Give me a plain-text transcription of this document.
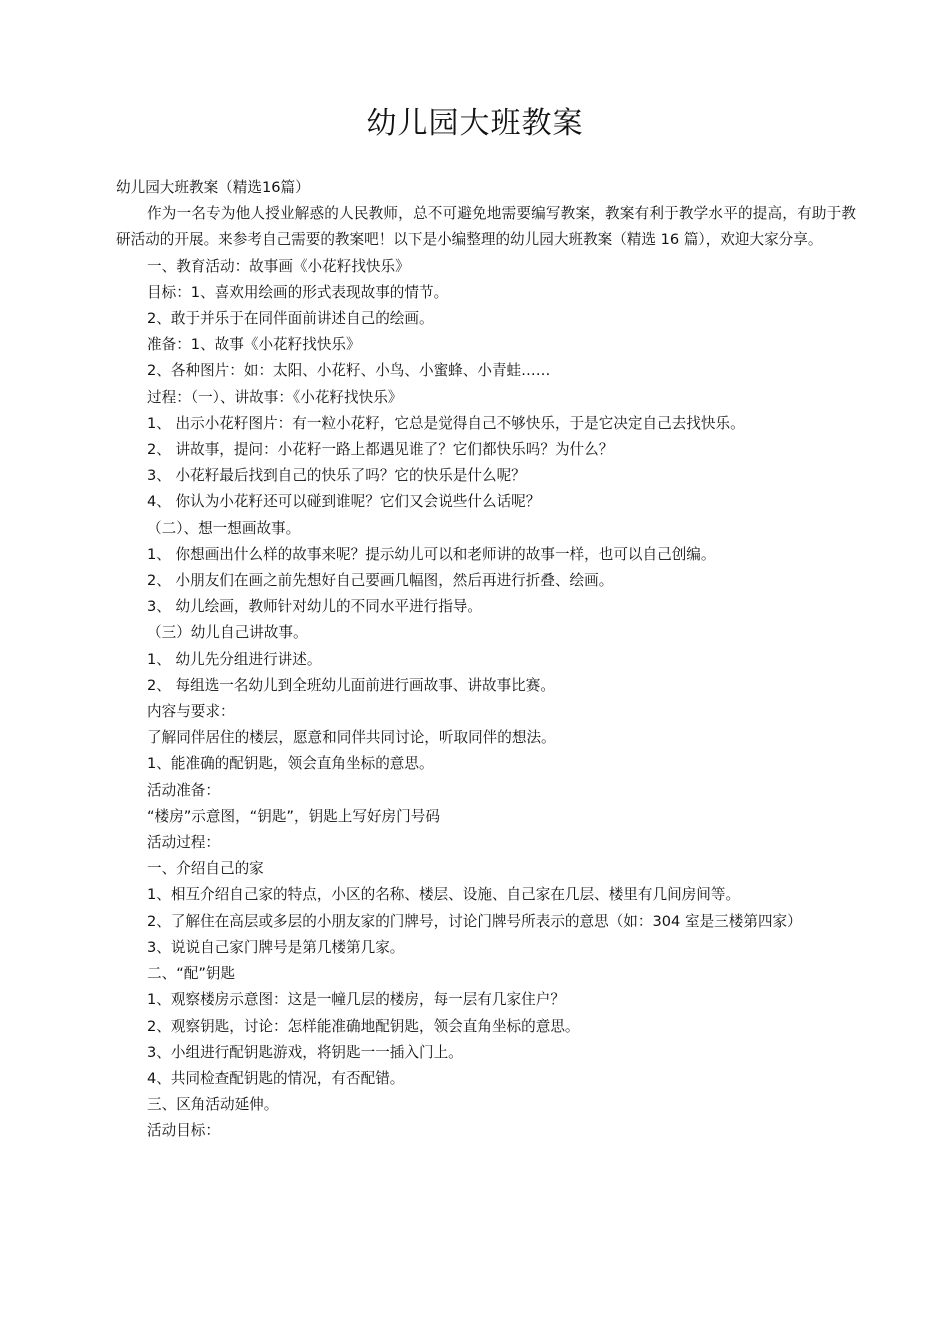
幼儿园大班教案

幼儿园大班教案（精选16篇）

作为一名专为他人授业解惑的人民教师，总不可避免地需要编写教案，教案有利于教学水平的提高，有助于教研活动的开展。来参考自己需要的教案吧！以下是小编整理的幼儿园大班教案（精选 16 篇），欢迎大家分享。

一、教育活动：故事画《小花籽找快乐》

目标：1、喜欢用绘画的形式表现故事的情节。

2、敢于并乐于在同伴面前讲述自己的绘画。

准备：1、故事《小花籽找快乐》

2、各种图片：如：太阳、小花籽、小鸟、小蜜蜂、小青蛙……

过程：（一）、讲故事：《小花籽找快乐》

1、 出示小花籽图片：有一粒小花籽，它总是觉得自己不够快乐，于是它决定自己去找快乐。

2、 讲故事，提问：小花籽一路上都遇见谁了？它们都快乐吗？为什么？

3、 小花籽最后找到自己的快乐了吗？它的快乐是什么呢？

4、 你认为小花籽还可以碰到谁呢？它们又会说些什么话呢？

（二）、想一想画故事。

1、 你想画出什么样的故事来呢？提示幼儿可以和老师讲的故事一样，也可以自己创编。

2、 小朋友们在画之前先想好自己要画几幅图，然后再进行折叠、绘画。

3、 幼儿绘画，教师针对幼儿的不同水平进行指导。

（三）幼儿自己讲故事。

1、 幼儿先分组进行讲述。

2、 每组选一名幼儿到全班幼儿面前进行画故事、讲故事比赛。

内容与要求：

了解同伴居住的楼层，愿意和同伴共同讨论，听取同伴的想法。

1、能准确的配钥匙，领会直角坐标的意思。

活动准备：

“楼房”示意图，“钥匙”，钥匙上写好房门号码

活动过程：

一、介绍自己的家

1、相互介绍自己家的特点，小区的名称、楼层、设施、自己家在几层、楼里有几间房间等。

2、了解住在高层或多层的小朋友家的门牌号，讨论门牌号所表示的意思（如：304 室是三楼第四家）

3、说说自己家门牌号是第几楼第几家。

二、“配”钥匙

1、观察楼房示意图：这是一幢几层的楼房，每一层有几家住户？

2、观察钥匙，讨论：怎样能准确地配钥匙，领会直角坐标的意思。

3、小组进行配钥匙游戏，将钥匙一一插入门上。

4、共同检查配钥匙的情况，有否配错。

三、区角活动延伸。

活动目标：
